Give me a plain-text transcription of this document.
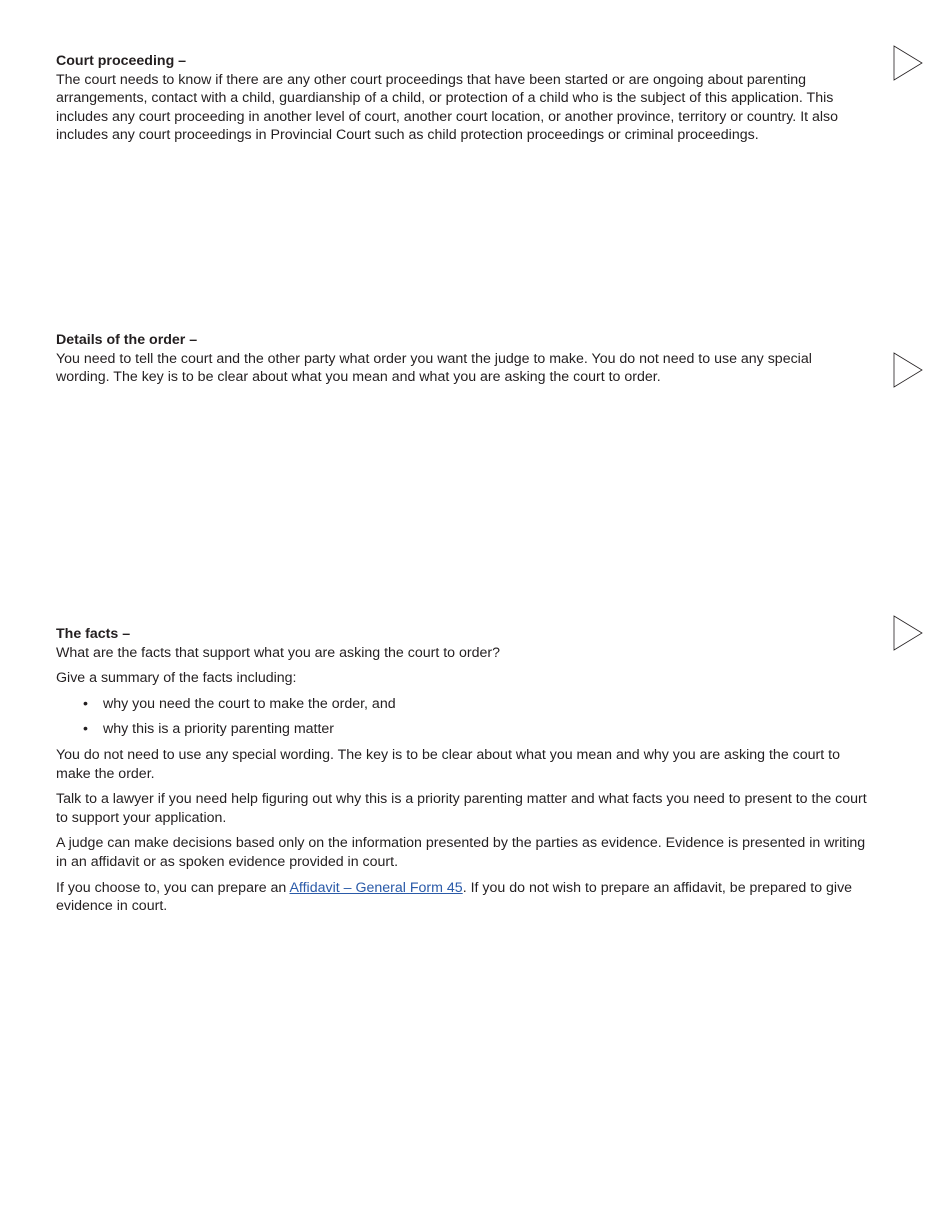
Court proceeding –

The court needs to know if there are any other court proceedings that have been started or are ongoing about parenting arrangements, contact with a child, guardianship of a child, or protection of a child who is the subject of this application. This includes any court proceeding in another level of court, another court location, or another province, territory or country. It also includes any court proceedings in Provincial Court such as child protection proceedings or criminal proceedings.

Details of the order –

You need to tell the court and the other party what order you want the judge to make. You do not need to use any special wording. The key is to be clear about what you mean and what you are asking the court to order.

The facts –

What are the facts that support what you are asking the court to order?

Give a summary of the facts including:

• why you need the court to make the order, and
• why this is a priority parenting matter

You do not need to use any special wording. The key is to be clear about what you mean and why you are asking the court to make the order.

Talk to a lawyer if you need help figuring out why this is a priority parenting matter and what facts you need to present to the court to support your application.

A judge can make decisions based only on the information presented by the parties as evidence. Evidence is presented in writing in an affidavit or as spoken evidence provided in court.

If you choose to, you can prepare an Affidavit – General Form 45. If you do not wish to prepare an affidavit, be prepared to give evidence in court.
